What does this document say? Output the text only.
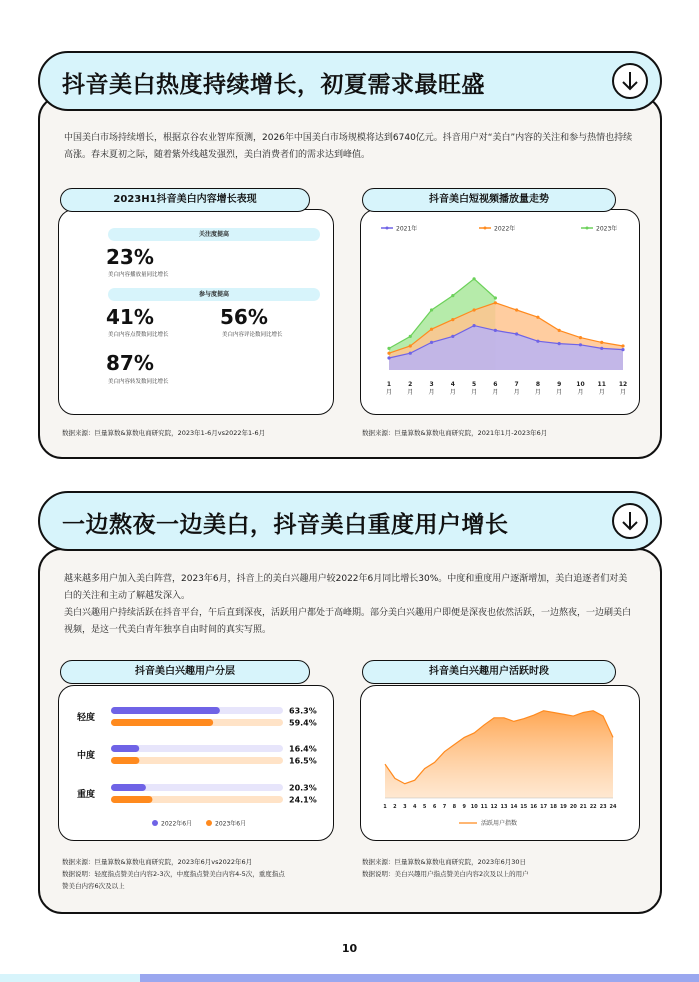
中国美白市场持续增长，根据京谷农业智库预测，2026年中国美白市场规模将达到6740亿元。抖音用户对“美白”内容的关注和参与热情也持续高涨。春末夏初之际，随着紫外线越发强烈，美白消费者们的需求达到峰值。
2023H1抖音美白内容增长表现
关注度提高
23%
美白内容播放量同比增长
参与度提高
41%
美白内容点赞数同比增长
56%
美白内容评论数同比增长
87%
美白内容转发数同比增长
数据来源：巨量算数&算数电商研究院，2023年1-6月vs2022年1-6月
2021年	2022年	2023年
1
月
2
月
3
月
4
月
5
月
6
月
7
月
8
月
9
月
10
月
11
月
12
月
抖音美白短视频播放量走势
数据来源：巨量算数&算数电商研究院，2021年1月-2023年6月
抖音美白热度持续增长，初夏需求最旺盛
越来越多用户加入美白阵营，2023年6月，抖音上的美白兴趣用户较2022年6月同比增长30%。中度和重度用户逐渐增加，美白追逐者们对美白的关注和主动了解越发深入。
美白兴趣用户持续活跃在抖音平台，午后直到深夜，活跃用户都处于高峰期。部分美白兴趣用户即便是深夜也依然活跃，一边熬夜，一边刷美白视频，是这一代美白青年独享自由时间的真实写照。
轻度
63.3%
59.4%
中度
16.4%
16.5%
重度
20.3%
24.1%
2022年6月	2023年6月
抖音美白兴趣用户分层
数据来源：巨量算数&算数电商研究院，2023年6月vs2022年6月
数据说明：轻度指点赞美白内容2-3次，中度指点赞美白内容4-5次，重度指点
赞美白内容6次及以上
1 2 3 4 5 6 7 8 9 10 11 12 13 14 15 16 17 18 19 20 21 22 23 24
活跃用户指数
抖音美白兴趣用户活跃时段
数据来源：巨量算数&算数电商研究院，2023年6月30日
数据说明：美白兴趣用户指点赞美白内容2次及以上的用户
一边熬夜一边美白，抖音美白重度用户增长
10
